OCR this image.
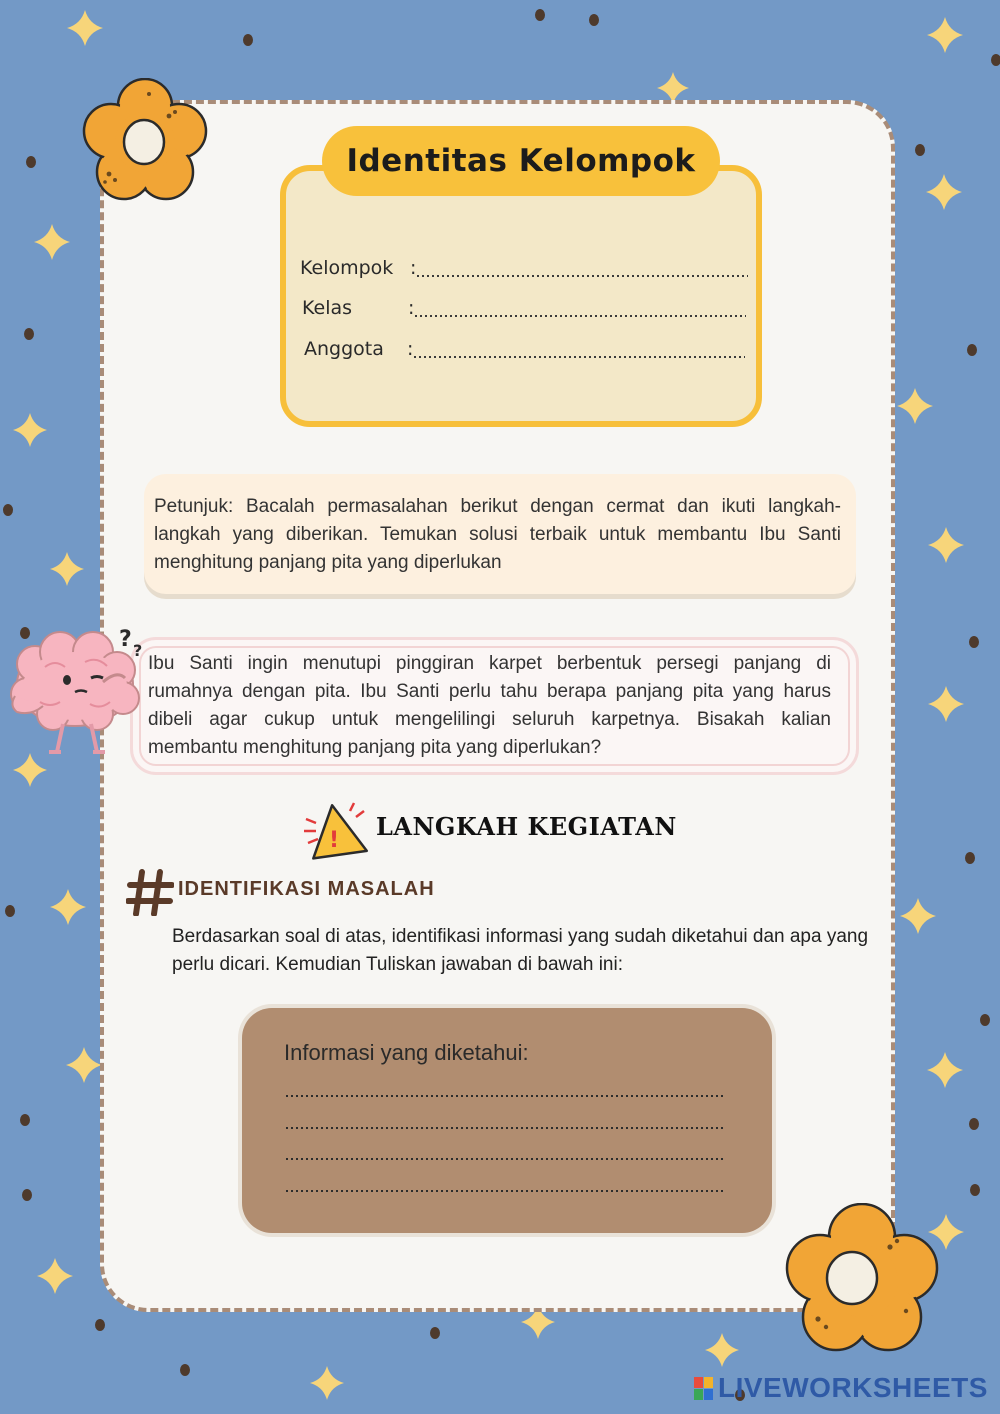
Identitas Kelompok
Kelompok :
Kelas	:
Anggota :
Petunjuk: Bacalah permasalahan berikut dengan cermat dan ikuti langkah-langkah yang diberikan. Temukan solusi terbaik untuk membantu Ibu Santi menghitung panjang pita yang diperlukan
Ibu Santi ingin menutupi pinggiran karpet berbentuk persegi panjang di rumahnya dengan pita. Ibu Santi perlu tahu berapa panjang pita yang harus dibeli agar cukup untuk mengelilingi seluruh karpetnya. Bisakah kalian membantu menghitung panjang pita yang diperlukan?
? ?
! LANGKAH KEGIATAN
IDENTIFIKASI MASALAH
Berdasarkan soal di atas, identifikasi informasi yang sudah diketahui dan apa yang perlu dicari. Kemudian Tuliskan jawaban di bawah ini:
Informasi yang diketahui:
LIVEWORKSHEETS
